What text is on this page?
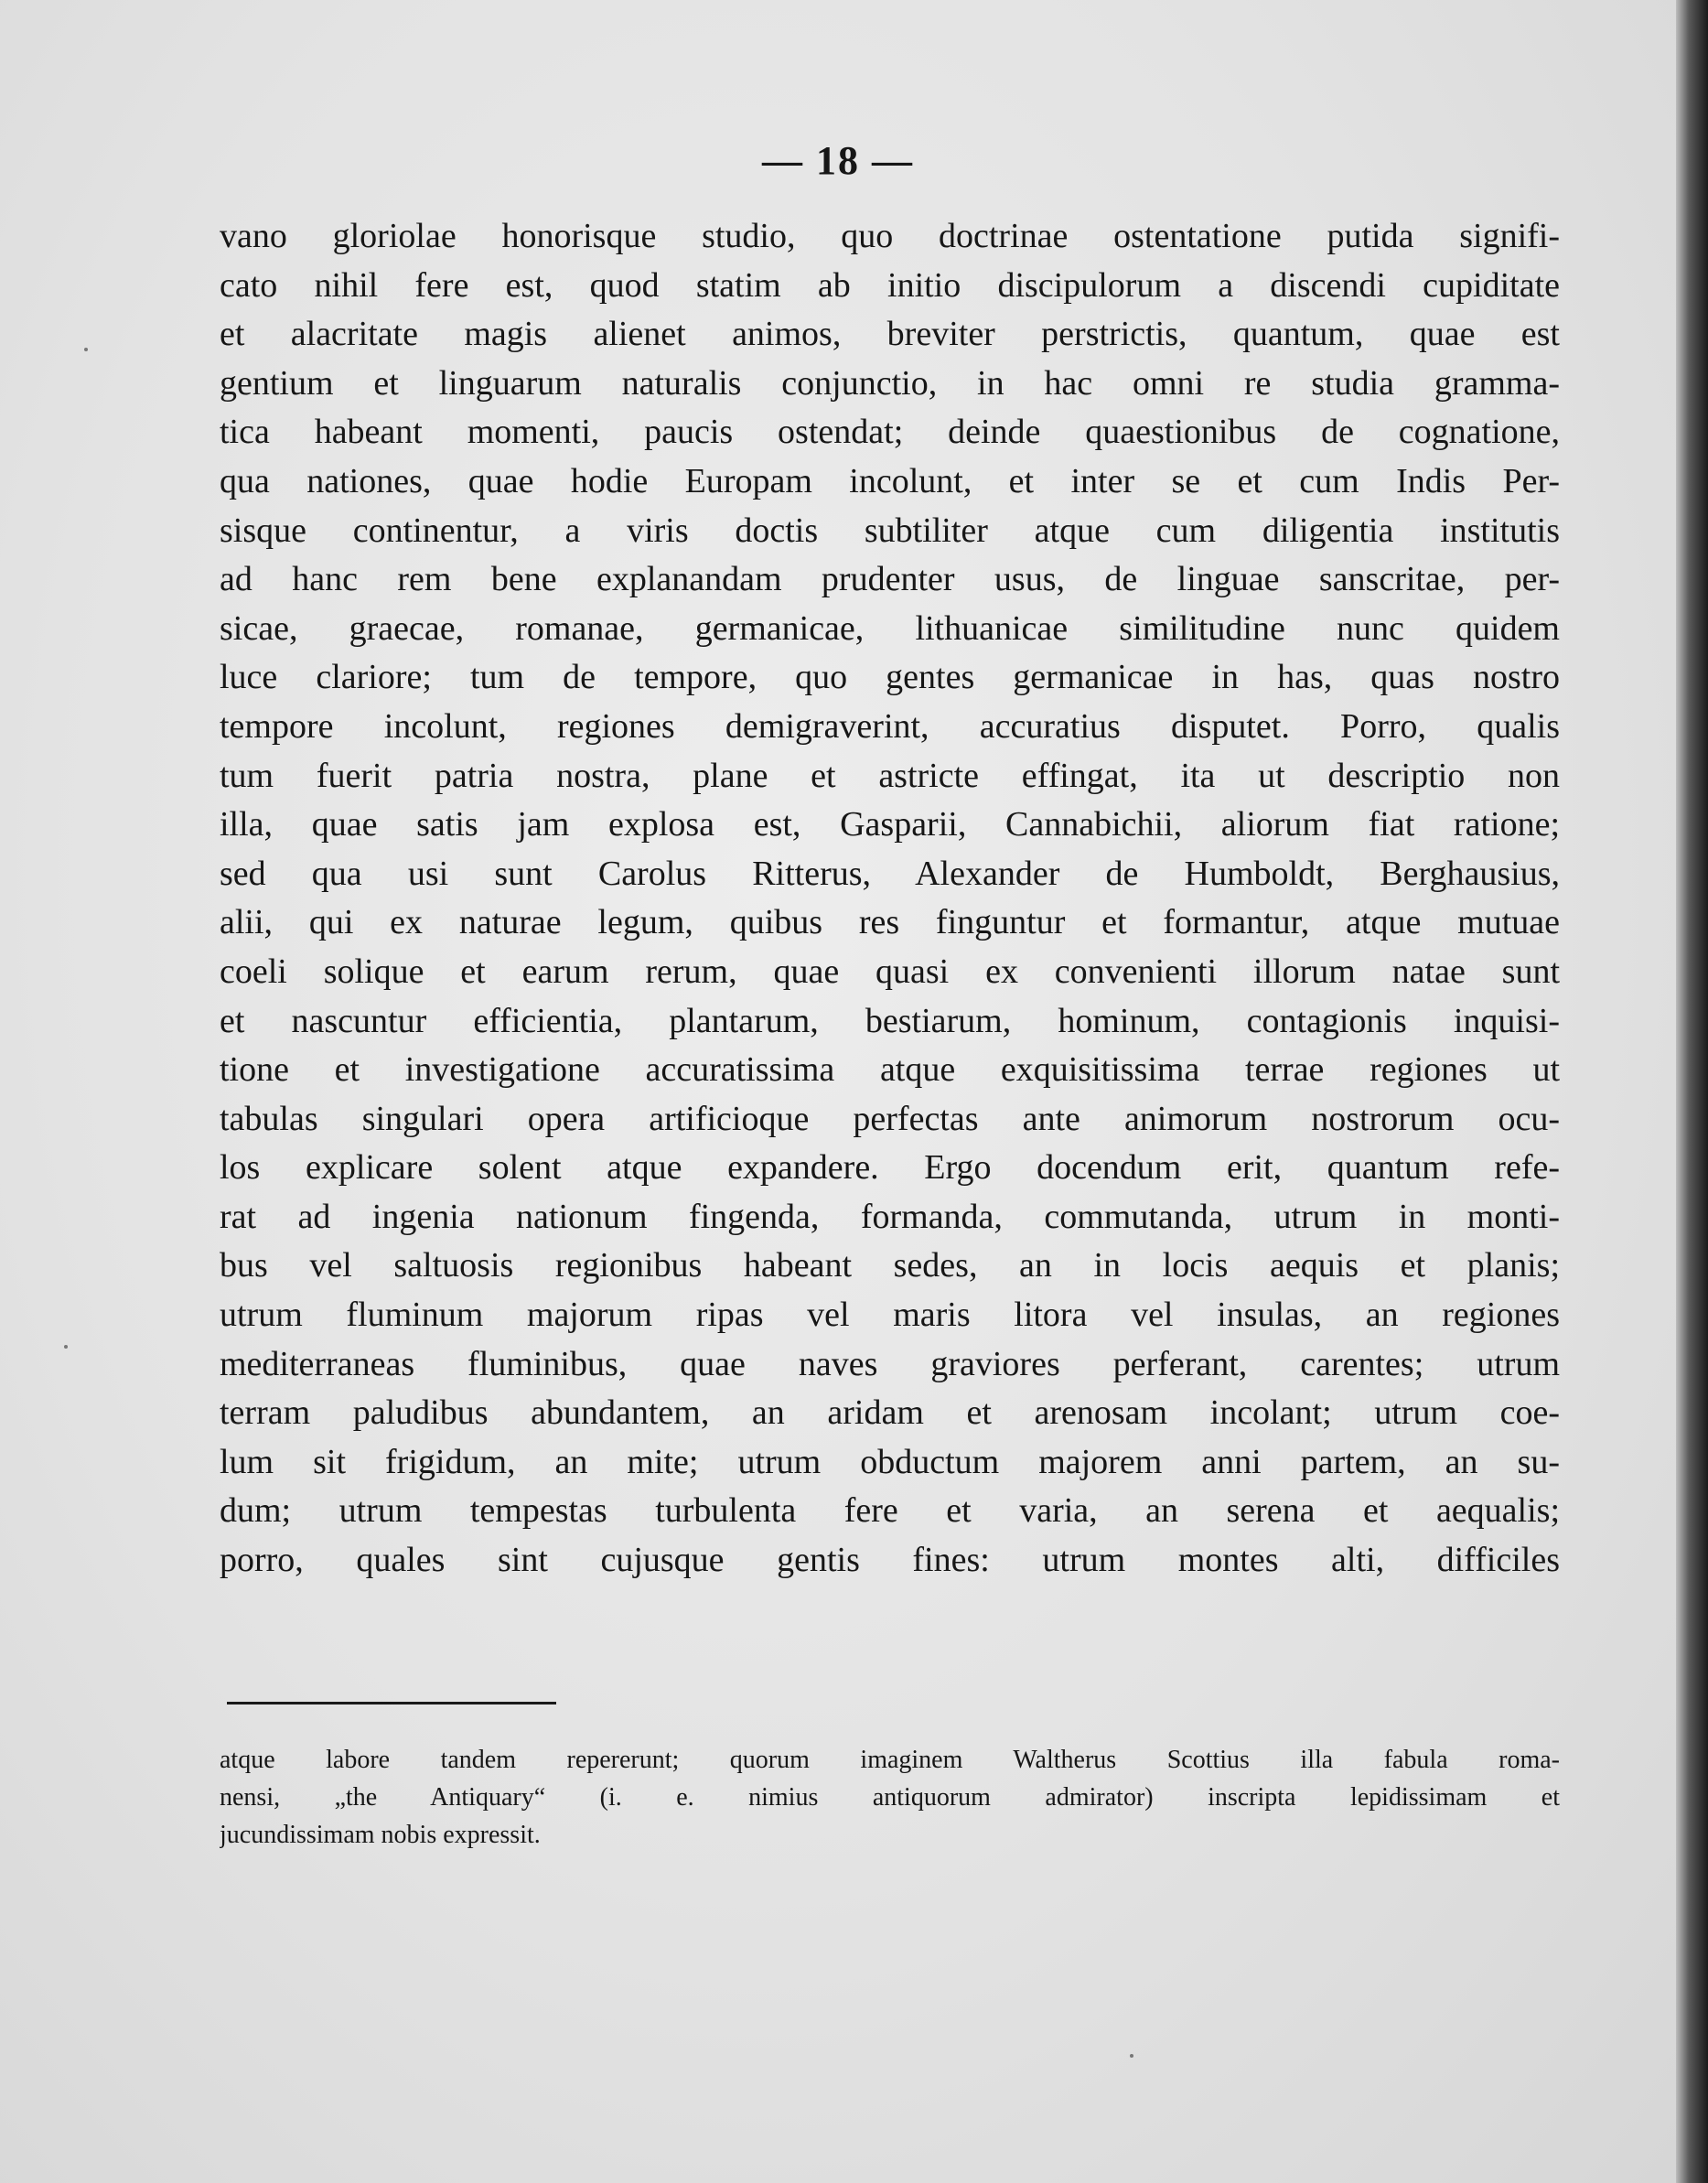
— 18 —
vano gloriolae honorisque studio, quo doctrinae ostentatione putida signifi-
cato nihil fere est, quod statim ab initio discipulorum a discendi cupiditate
et alacritate magis alienet animos, breviter perstrictis, quantum, quae est
gentium et linguarum naturalis conjunctio, in hac omni re studia gramma-
tica habeant momenti, paucis ostendat; deinde quaestionibus de cognatione,
qua nationes, quae hodie Europam incolunt, et inter se et cum Indis Per-
sisque continentur, a viris doctis subtiliter atque cum diligentia institutis
ad hanc rem bene explanandam prudenter usus, de linguae sanscritae, per-
sicae, graecae, romanae, germanicae, lithuanicae similitudine nunc quidem
luce clariore; tum de tempore, quo gentes germanicae in has, quas nostro
tempore incolunt, regiones demigraverint, accuratius disputet. Porro, qualis
tum fuerit patria nostra, plane et astricte effingat, ita ut descriptio non
illa, quae satis jam explosa est, Gasparii, Cannabichii, aliorum fiat ratione;
sed qua usi sunt Carolus Ritterus, Alexander de Humboldt, Berghausius,
alii, qui ex naturae legum, quibus res finguntur et formantur, atque mutuae
coeli solique et earum rerum, quae quasi ex convenienti illorum natae sunt
et nascuntur efficientia, plantarum, bestiarum, hominum, contagionis inquisi-
tione et investigatione accuratissima atque exquisitissima terrae regiones ut
tabulas singulari opera artificioque perfectas ante animorum nostrorum ocu-
los explicare solent atque expandere. Ergo docendum erit, quantum refe-
rat ad ingenia nationum fingenda, formanda, commutanda, utrum in monti-
bus vel saltuosis regionibus habeant sedes, an in locis aequis et planis;
utrum fluminum majorum ripas vel maris litora vel insulas, an regiones
mediterraneas fluminibus, quae naves graviores perferant, carentes; utrum
terram paludibus abundantem, an aridam et arenosam incolant; utrum coe-
lum sit frigidum, an mite; utrum obductum majorem anni partem, an su-
dum; utrum tempestas turbulenta fere et varia, an serena et aequalis;
porro, quales sint cujusque gentis fines: utrum montes alti, difficiles
atque labore tandem repererunt; quorum imaginem Waltherus Scottius illa fabula roma-
nensi, „the Antiquary“ (i. e. nimius antiquorum admirator) inscripta lepidissimam et
jucundissimam nobis expressit.
